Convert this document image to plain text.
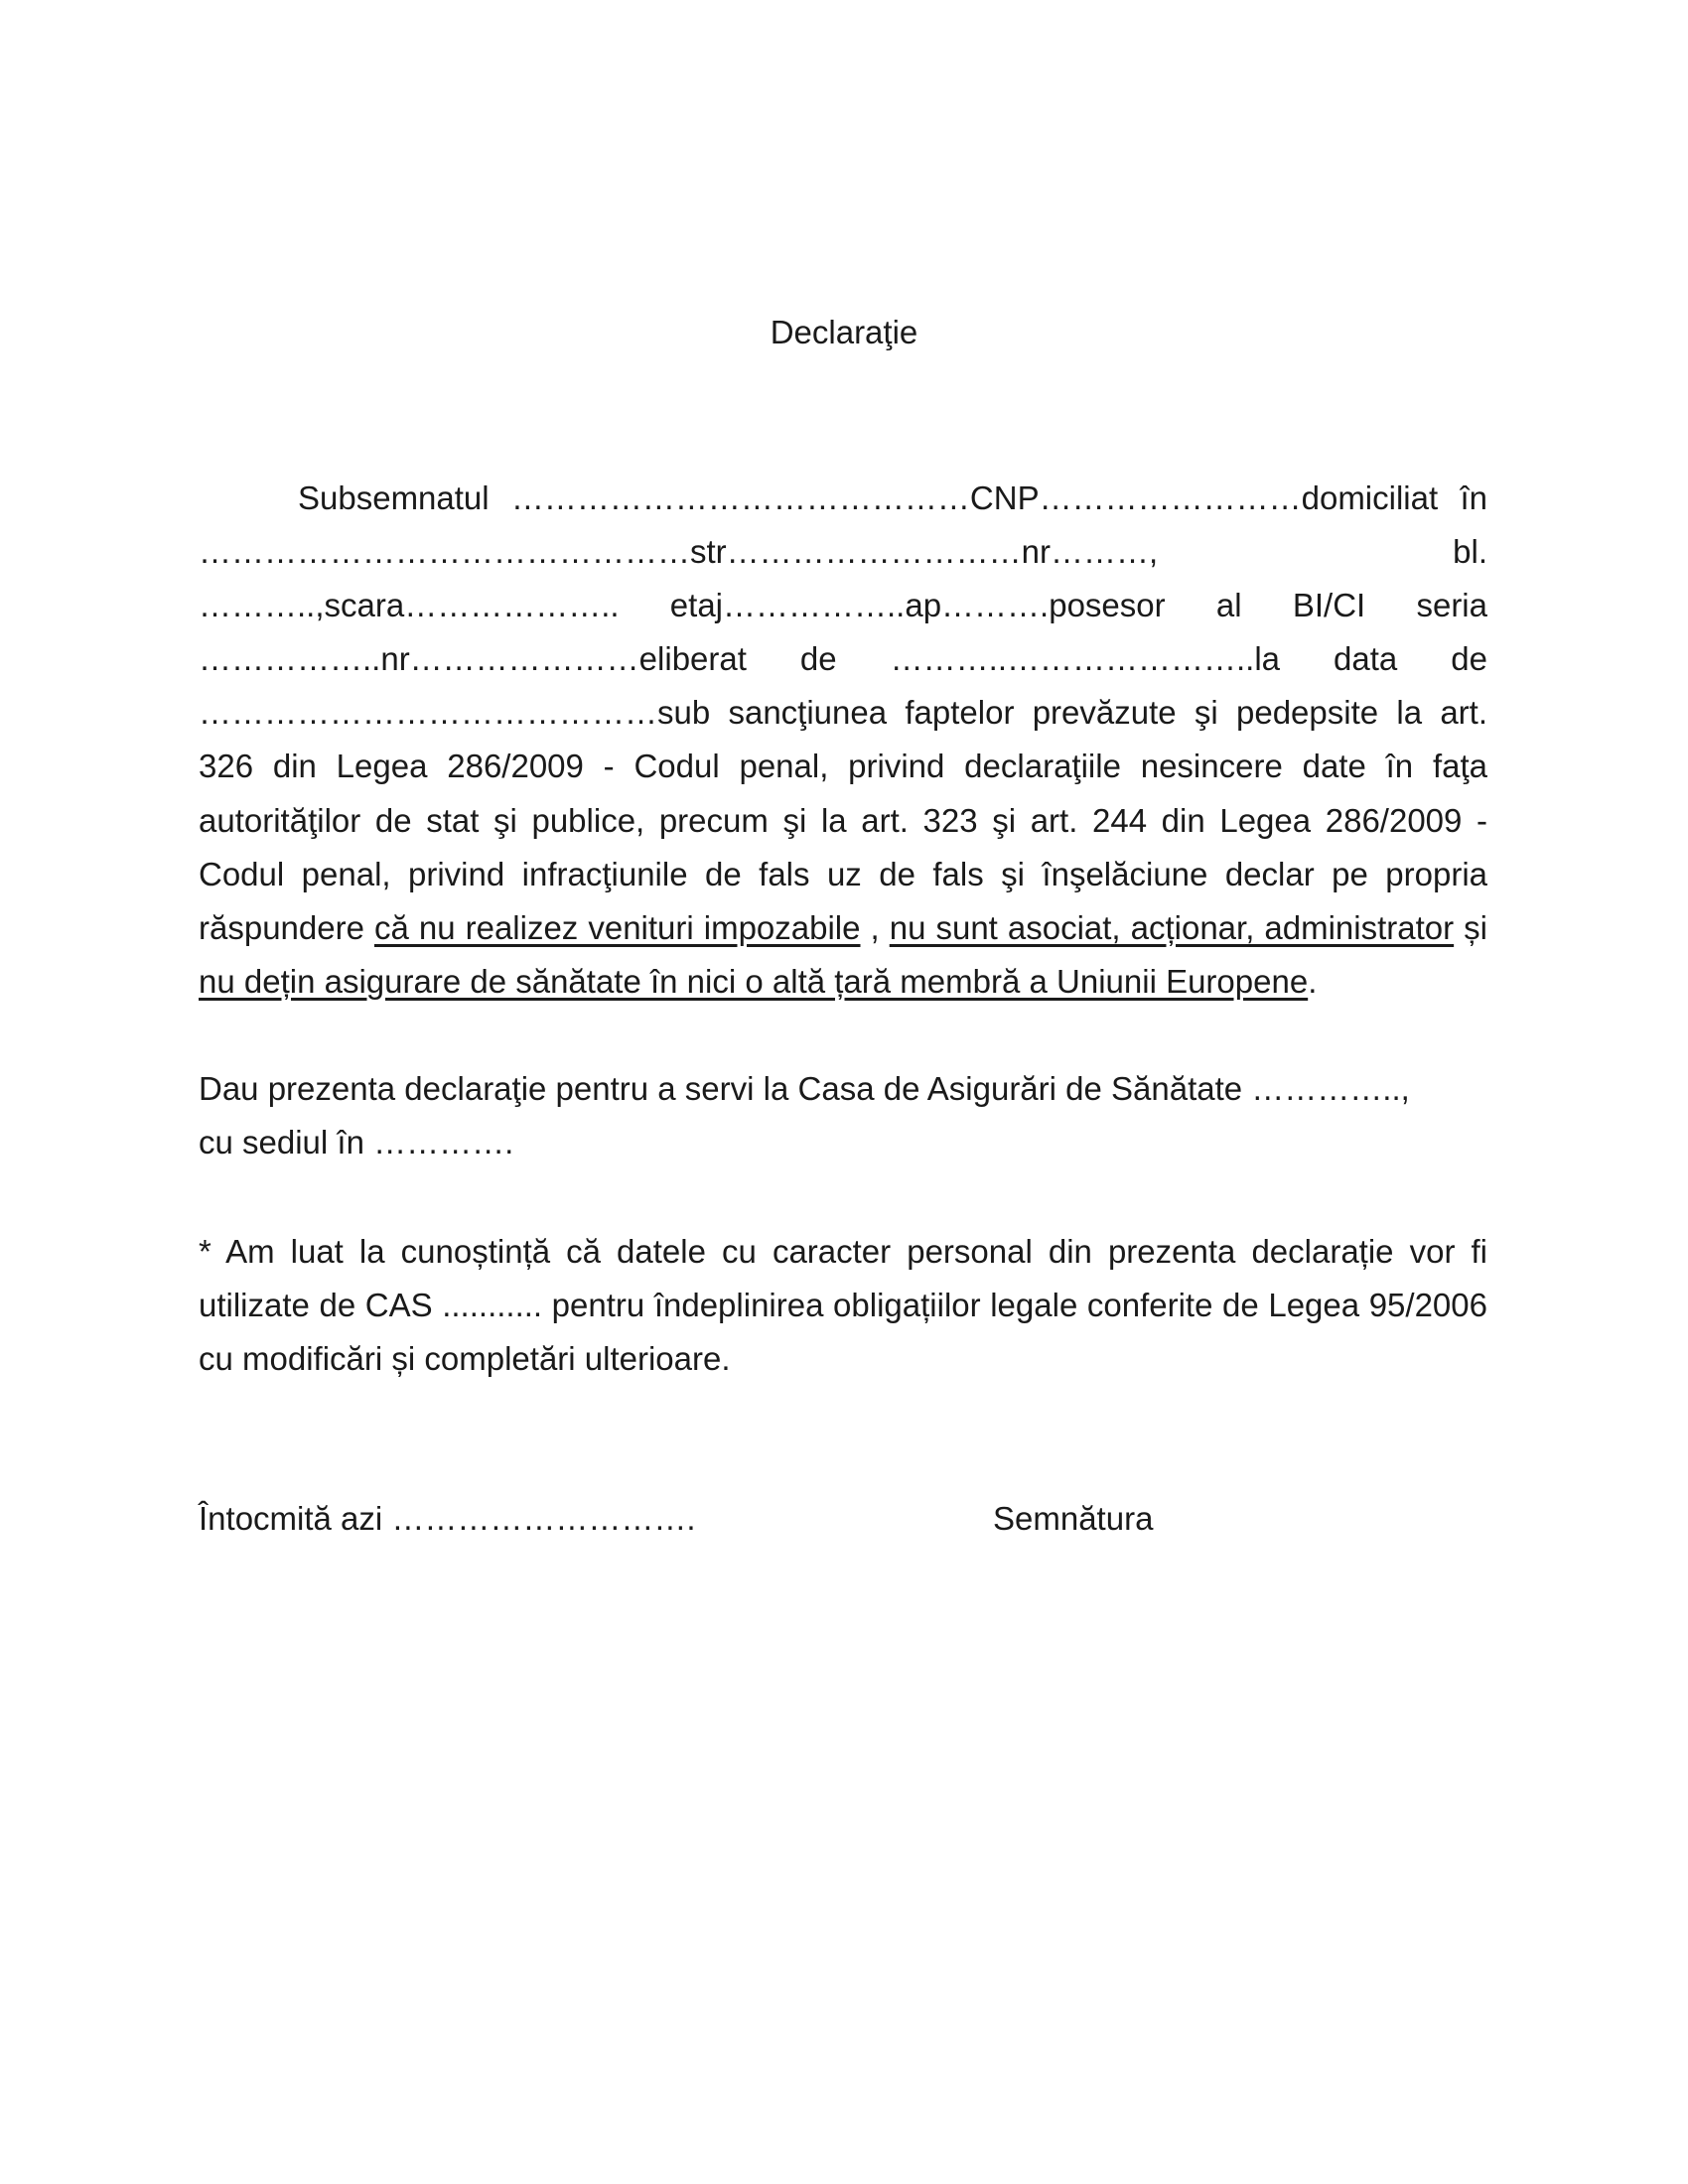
Declaraţie
Subsemnatul ……………………………………CNP……………………domiciliat în ………………………………………str………………………nr………, bl. ………..,scara……………….. etaj……………..ap……….posesor al BI/CI seria ……………..nr…………………eliberat de ………..…………………..la data de ……………………………………sub sancţiunea faptelor prevăzute şi pedepsite la art. 326 din Legea 286/2009 - Codul penal, privind declaraţiile nesincere date în faţa autorităţilor de stat şi publice, precum şi la art. 323 şi art. 244 din Legea 286/2009 - Codul penal, privind infracţiunile de fals uz de fals şi înşelăciune declar pe propria răspundere că nu realizez venituri impozabile , nu sunt asociat, acționar, administrator și nu dețin asigurare de sănătate în nici o altă țară membră a Uniunii Europene.
Dau prezenta declaraţie pentru a servi la Casa de Asigurări de Sănătate …………..,
cu sediul în ………….
* Am luat la cunoștință că datele cu caracter personal din prezenta declarație vor fi utilizate de CAS ........... pentru îndeplinirea obligațiilor legale conferite de Legea 95/2006 cu modificări și completări ulterioare.
Întocmită azi ……………………….	Semnătura
